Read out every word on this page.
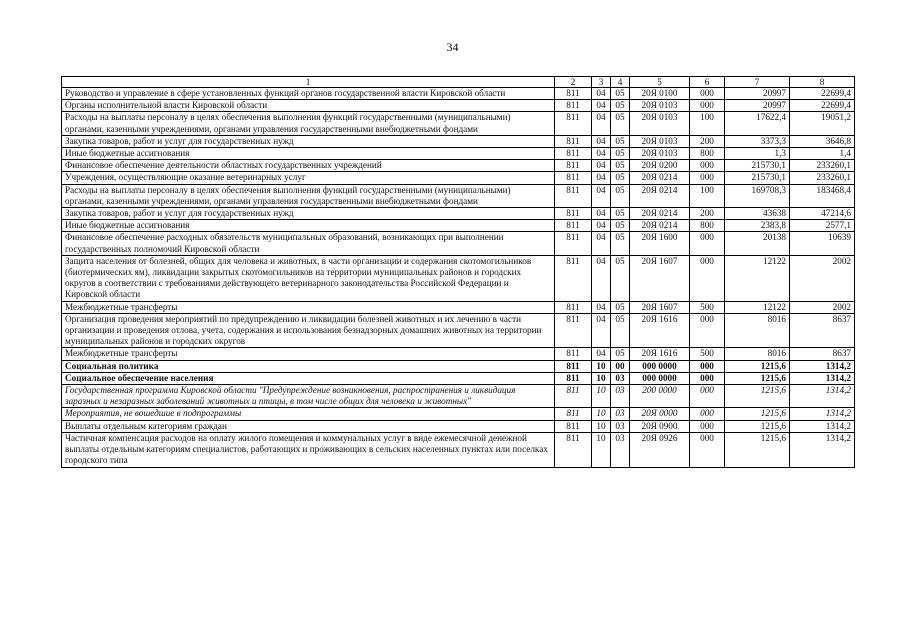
34
1	2	3	4	5	6	7	8
Руководство и управление в сфере установленных функций органов государственной власти Кировской области	811	04	05	20Я 0100	000	20997	22699,4
Органы исполнительной власти Кировской области	811	04	05	20Я 0103	000	20997	22699,4
Расходы на выплаты персоналу в целях обеспечения выполнения функций государственными (муниципальными) органами, казенными учреждениями, органами управления государственными внебюджетными фондами	811	04	05	20Я 0103	100	17622,4	19051,2
Закупка товаров, работ и услуг для государственных нужд	811	04	05	20Я 0103	200	3373,3	3646,8
Иные бюджетные ассигнования	811	04	05	20Я 0103	800	1,3	1,4
Финансовое обеспечение деятельности областных государственных учреждений	811	04	05	20Я 0200	000	215730,1	233260,1
Учреждения, осуществляющие оказание ветеринарных услуг	811	04	05	20Я 0214	000	215730,1	233260,1
Расходы на выплаты персоналу в целях обеспечения выполнения функций государственными (муниципальными) органами, казенными учреждениями, органами управления государственными внебюджетными фондами	811	04	05	20Я 0214	100	169708,3	183468,4
Закупка товаров, работ и услуг для государственных нужд	811	04	05	20Я 0214	200	43638	47214,6
Иные бюджетные ассигнования	811	04	05	20Я 0214	800	2383,8	2577,1
Финансовое обеспечение расходных обязательств муниципальных образований, возникающих при выполнении государственных полномочий Кировской области	811	04	05	20Я 1600	000	20138	10639
Защита населения от болезней, общих для человека и животных, в части организации и содержания скотомогильников (биотермических ям), ликвидации закрытых скотомогильников на территории муниципальных районов и городских округов в соответствии с требованиями действующего ветеринарного законодательства Российской Федерации и Кировской области	811	04	05	20Я 1607	000	12122	2002
Межбюджетные трансферты	811	04	05	20Я 1607	500	12122	2002
Организация проведения мероприятий по предупреждению и ликвидации болезней животных и их лечению в части организации и проведения отлова, учета, содержания и использования безнадзорных домашних животных на территории муниципальных районов и городских округов	811	04	05	20Я 1616	000	8016	8637
Межбюджетные трансферты	811	04	05	20Я 1616	500	8016	8637
Социальная политика	811	10	00	000 0000	000	1215,6	1314,2
Социальное обеспечение населения	811	10	03	000 0000	000	1215,6	1314,2
Государственная программа Кировской области "Предупреждение возникновения, распространения и ликвидация заразных и незаразных заболеваний животных и птицы, в том числе общих для человека и животных"	811	10	03	200 0000	000	1215,6	1314,2
Мероприятия, не вошедшие в подпрограммы	811	10	03	20Я 0000	000	1215,6	1314,2
Выплаты отдельным категориям граждан	811	10	03	20Я 0900	000	1215,6	1314,2
Частичная компенсация расходов на оплату жилого помещения и коммунальных услуг в виде ежемесячной денежной выплаты отдельным категориям специалистов, работающих и проживающих в сельских населенных пунктах или поселках городского типа	811	10	03	20Я 0926	000	1215,6	1314,2
